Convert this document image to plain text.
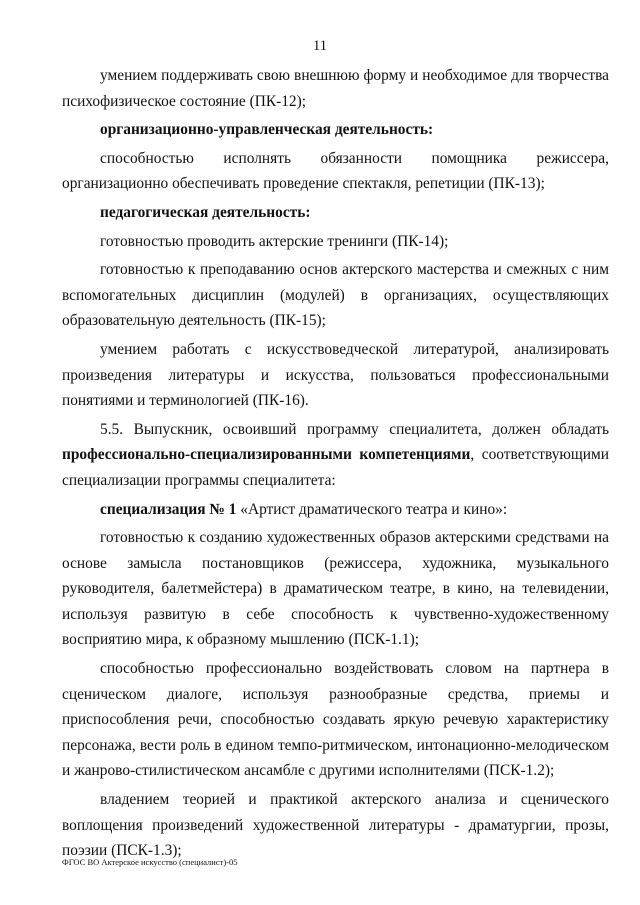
11

умением поддерживать свою внешнюю форму и необходимое для творчества психофизическое состояние (ПК-12);

организационно-управленческая деятельность:

способностью исполнять обязанности помощника режиссера, организационно обеспечивать проведение спектакля, репетиции (ПК-13);

педагогическая деятельность:

готовностью проводить актерские тренинги (ПК-14);

готовностью к преподаванию основ актерского мастерства и смежных с ним вспомогательных дисциплин (модулей) в организациях, осуществляющих образовательную деятельность (ПК-15);

умением работать с искусствоведческой литературой, анализировать произведения литературы и искусства, пользоваться профессиональными понятиями и терминологией (ПК-16).

5.5. Выпускник, освоивший программу специалитета, должен обладать профессионально-специализированными компетенциями, соответствующими специализации программы специалитета:

специализация № 1 «Артист драматического театра и кино»:

готовностью к созданию художественных образов актерскими средствами на основе замысла постановщиков (режиссера, художника, музыкального руководителя, балетмейстера) в драматическом театре, в кино, на телевидении, используя развитую в себе способность к чувственно-художественному восприятию мира, к образному мышлению (ПСК-1.1);

способностью профессионально воздействовать словом на партнера в сценическом диалоге, используя разнообразные средства, приемы и приспособления речи, способностью создавать яркую речевую характеристику персонажа, вести роль в едином темпо-ритмическом, интонационно-мелодическом и жанрово-стилистическом ансамбле с другими исполнителями (ПСК-1.2);

владением теорией и практикой актерского анализа и сценического воплощения произведений художественной литературы - драматургии, прозы, поэзии (ПСК-1.3);

ФГОС ВО Актерское искусство (специалист)-05
